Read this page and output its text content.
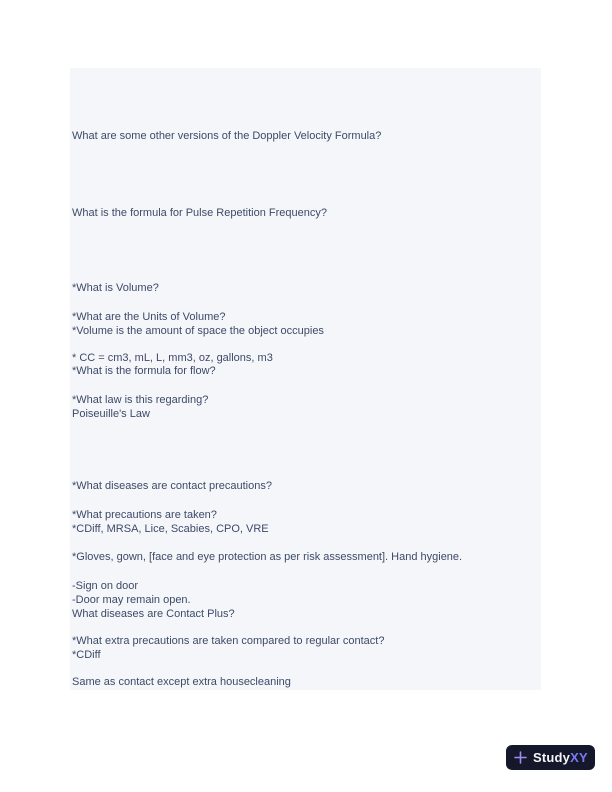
What are some other versions of the Doppler Velocity Formula?
What is the formula for Pulse Repetition Frequency?
*What is Volume?
*What are the Units of Volume?
*Volume is the amount of space the object occupies
* CC = cm3, mL, L, mm3, oz, gallons, m3
*What is the formula for flow?
*What law is this regarding?
Poiseuille's Law
*What diseases are contact precautions?
*What precautions are taken?
*CDiff, MRSA, Lice, Scabies, CPO, VRE
*Gloves, gown, [face and eye protection as per risk assessment]. Hand hygiene.
-Sign on door
-Door may remain open.
What diseases are Contact Plus?
*What extra precautions are taken compared to regular contact?
*CDiff
Same as contact except extra housecleaning
StudyXY
